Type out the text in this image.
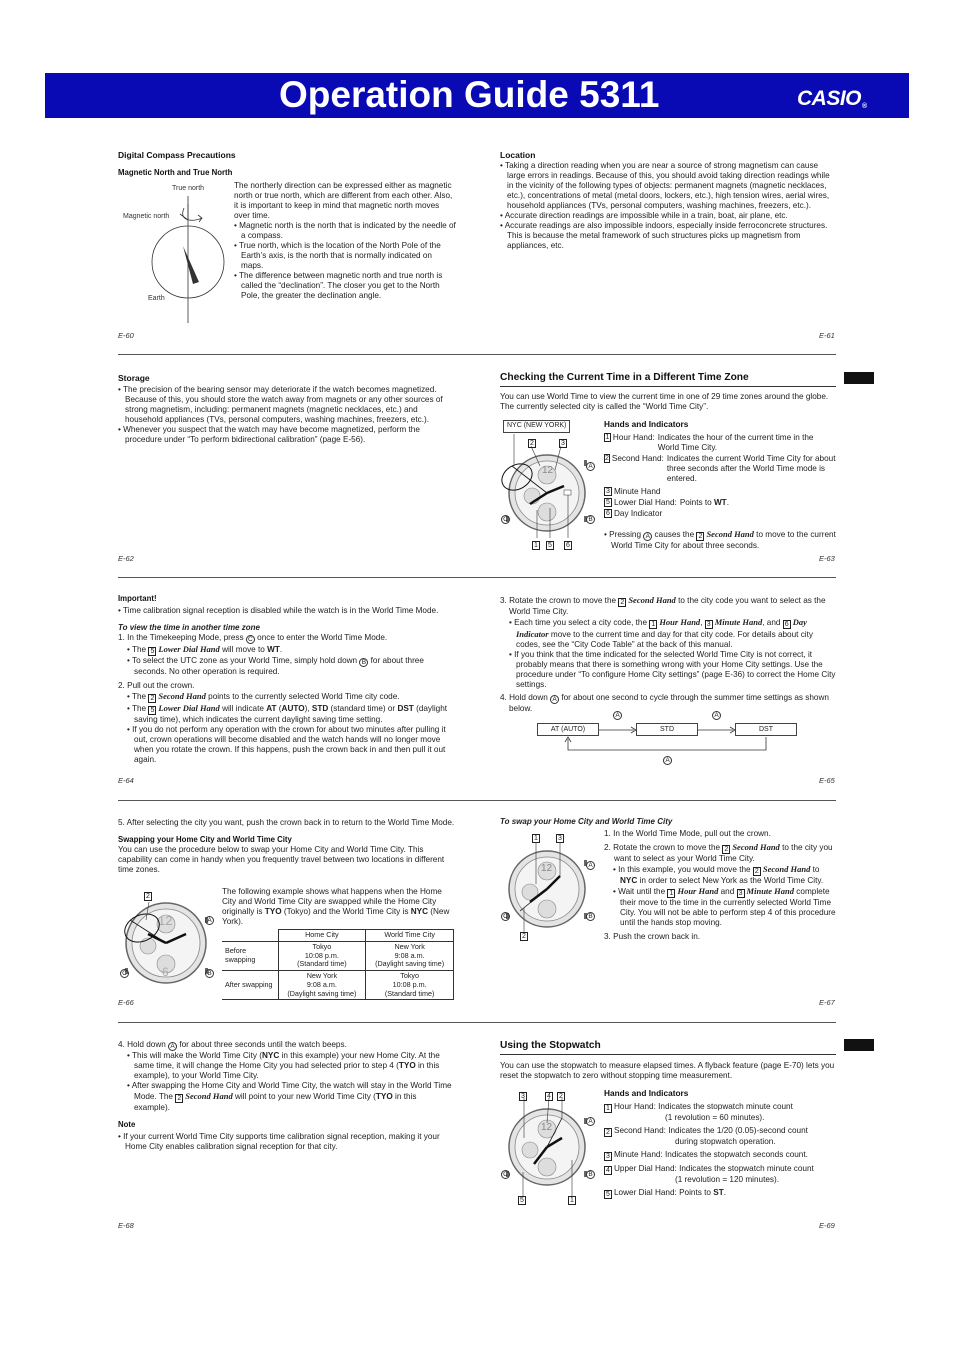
Operation Guide 5311	CASIO®
Digital Compass Precautions
Magnetic North and True North
True north
Magnetic north
Earth

The northerly direction can be expressed either as magnetic north or true north, which are different from each other. Also, it is important to keep in mind that magnetic north moves over time.

• Magnetic north is the north that is indicated by the needle of a compass.

• True north, which is the location of the North Pole of the Earth’s axis, is the north that is normally indicated on maps.

• The difference between magnetic north and true north is called the “declination”. The closer you get to the North Pole, the greater the declination angle.

E-60
Location

• Taking a direction reading when you are near a source of strong magnetism can cause large errors in readings. Because of this, you should avoid taking direction readings while in the vicinity of the following types of objects: permanent magnets (magnetic necklaces, etc.), concentrations of metal (metal doors, lockers, etc.), high tension wires, aerial wires, household appliances (TVs, personal computers, washing machines, freezers, etc.).

• Accurate direction readings are impossible while in a train, boat, air plane, etc.

• Accurate readings are also impossible indoors, especially inside ferroconcrete structures. This is because the metal framework of such structures picks up magnetism from appliances, etc.

E-61
Storage

• The precision of the bearing sensor may deteriorate if the watch becomes magnetized. Because of this, you should store the watch away from magnets or any other sources of strong magnetism, including: permanent magnets (magnetic necklaces, etc.) and household appliances (TVs, personal computers, washing machines, freezers, etc.).

• Whenever you suspect that the watch may have become magnetized, perform the procedure under “To perform bidirectional calibration” (page E-56).

E-62
Checking the Current Time in a Different Time Zone

You can use World Time to view the current time in one of 29 time zones around the globe. The currently selected city is called the “World Time City”.

NYC (NEW YORK)
12
2	3
1 5 6
A
B
C
Hands and Indicators
1 Hour Hand: Indicates the hour of the current time in the World Time City.
2 Second Hand: Indicates the current World Time City for about three seconds after the World Time mode is entered.
3 Minute Hand
5 Lower Dial Hand: Points to WT.
6 Day Indicator

• Pressing A causes the 2 Second Hand to move to the current World Time City for about three seconds.

E-63
Important!

• Time calibration signal reception is disabled while the watch is in the World Time Mode.

To view the time in another time zone

1. In the Timekeeping Mode, press C once to enter the World Time Mode.

• The 5 Lower Dial Hand will move to WT.

• To select the UTC zone as your World Time, simply hold down B for about three seconds. No other operation is required.

2. Pull out the crown.

• The 2 Second Hand points to the currently selected World Time city code.

• The 5 Lower Dial Hand will indicate AT (AUTO), STD (standard time) or DST (daylight saving time), which indicates the current daylight saving time setting.

• If you do not perform any operation with the crown for about two minutes after pulling it out, crown operations will become disabled and the watch hands will no longer move when you rotate the crown. If this happens, push the crown back in and then pull it out again.

E-64

3. Rotate the crown to move the 2 Second Hand to the city code you want to select as the World Time City.

• Each time you select a city code, the 1 Hour Hand, 3 Minute Hand, and 6 Day Indicator move to the current time and day for that city code. For details about city codes, see the “City Code Table” at the back of this manual.

• If you think that the time indicated for the selected World Time City is not correct, it probably means that there is something wrong with your Home City settings. Use the procedure under “To configure Home City settings” (page E-36) to correct the Home City settings.

4. Hold down A for about one second to cycle through the summer time settings as shown below.

AT (AUTO)	STD	DST
A	A
A
E-65

5. After selecting the city you want, push the crown back in to return to the World Time Mode.

Swapping your Home City and World Time City

You can use the procedure below to swap your Home City and World Time City. This capability can come in handy when you frequently travel between two locations in different time zones.

12
6
2
A
B
C

The following example shows what happens when the Home City and World Time City are swapped while the Home City originally is TYO (Tokyo) and the World Time City is NYC (New York).

	Home City	World Time City
Before swapping	Tokyo
10:08 p.m.
(Standard time)	New York
9:08 a.m.
(Daylight saving time)
After swapping	New York
9:08 a.m.
(Daylight saving time)	Tokyo
10:08 p.m.
(Standard time)
E-66
To swap your Home City and World Time City
12
1	3
2
A
B
C

1. In the World Time Mode, pull out the crown.

2. Rotate the crown to move the 2 Second Hand to the city you want to select as your World Time City.

• In this example, you would move the 2 Second Hand to NYC in order to select New York as the World Time City.

• Wait until the 1 Hour Hand and 3 Minute Hand complete their move to the time in the currently selected World Time City. You will not be able to perform step 4 of this procedure until the hands stop moving.

3. Push the crown back in.

E-67

4. Hold down A for about three seconds until the watch beeps.

• This will make the World Time City (NYC in this example) your new Home City. At the same time, it will change the Home City you had selected prior to step 4 (TYO in this example), to your World Time City.

• After swapping the Home City and World Time City, the watch will stay in the World Time Mode. The 2 Second Hand will point to your new World Time City (TYO in this example).

Note

• If your current World Time City supports time calibration signal reception, making it your Home City enables calibration signal reception for that city.

E-68
Using the Stopwatch

You can use the stopwatch to measure elapsed times. A flyback feature (page E-70) lets you reset the stopwatch to zero without stopping time measurement.

12
3	4 2
5	1
A
B
C
Hands and Indicators
1 Hour Hand: Indicates the stopwatch minute count
(1 revolution = 60 minutes).
2 Second Hand: Indicates the 1/20 (0.05)-second count
during stopwatch operation.
3 Minute Hand: Indicates the stopwatch seconds count.
4 Upper Dial Hand: Indicates the stopwatch minute count
(1 revolution = 120 minutes).
5 Lower Dial Hand: Points to ST.
E-69
